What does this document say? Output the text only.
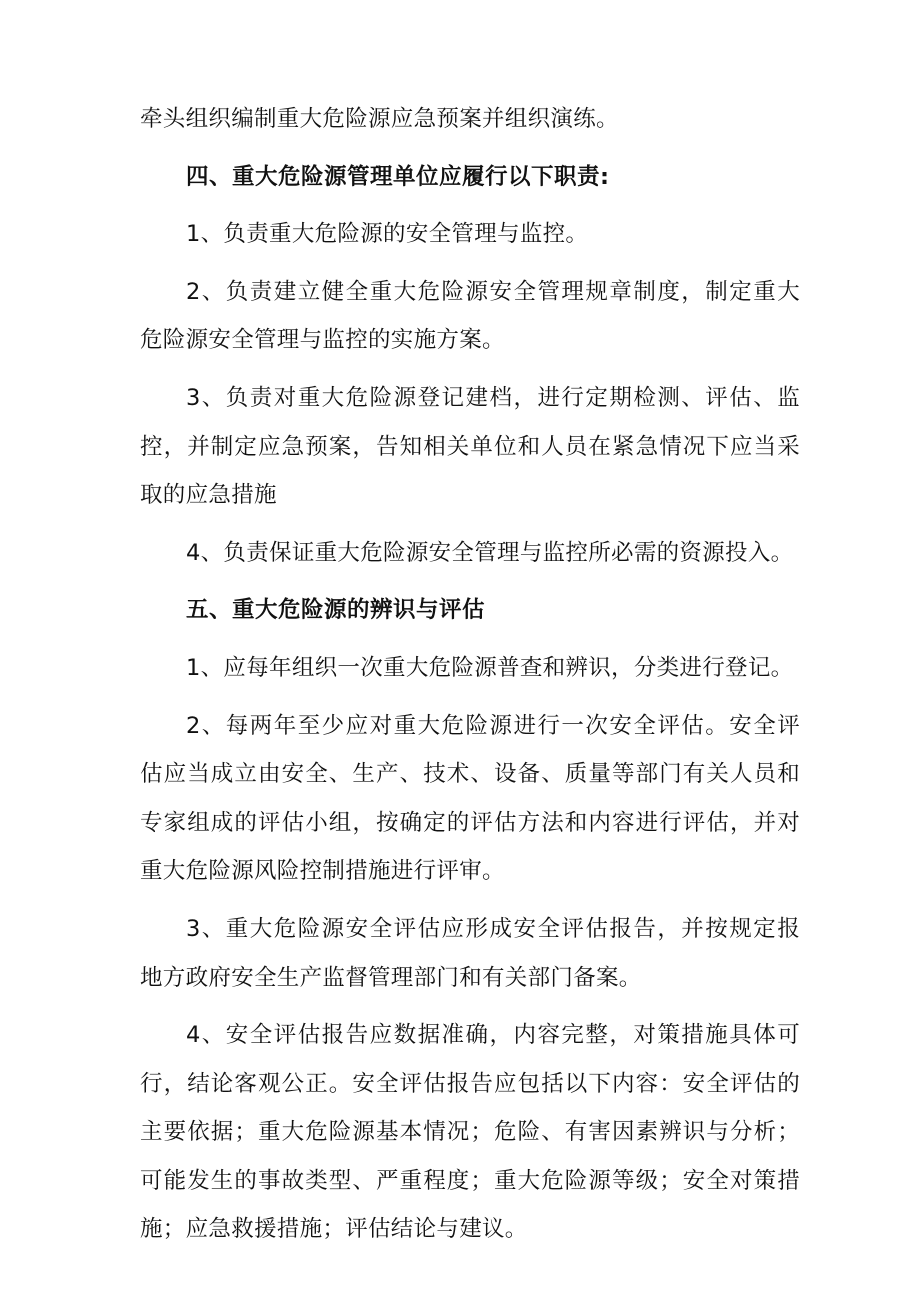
牵头组织编制重大危险源应急预案并组织演练。
四、重大危险源管理单位应履行以下职责:
1、负责重大危险源的安全管理与监控。
2、负责建立健全重大危险源安全管理规章制度，制定重大
危险源安全管理与监控的实施方案。
3、负责对重大危险源登记建档，进行定期检测、评估、监
控，并制定应急预案，告知相关单位和人员在紧急情况下应当采
取的应急措施
4、负责保证重大危险源安全管理与监控所必需的资源投入。
五、重大危险源的辨识与评估
1、应每年组织一次重大危险源普查和辨识，分类进行登记。
2、每两年至少应对重大危险源进行一次安全评估。安全评
估应当成立由安全、生产、技术、设备、质量等部门有关人员和
专家组成的评估小组，按确定的评估方法和内容进行评估，并对
重大危险源风险控制措施进行评审。
3、重大危险源安全评估应形成安全评估报告，并按规定报
地方政府安全生产监督管理部门和有关部门备案。
4、安全评估报告应数据准确，内容完整，对策措施具体可
行，结论客观公正。安全评估报告应包括以下内容：安全评估的
主要依据；重大危险源基本情况；危险、有害因素辨识与分析；
可能发生的事故类型、严重程度；重大危险源等级；安全对策措
施；应急救援措施；评估结论与建议。
